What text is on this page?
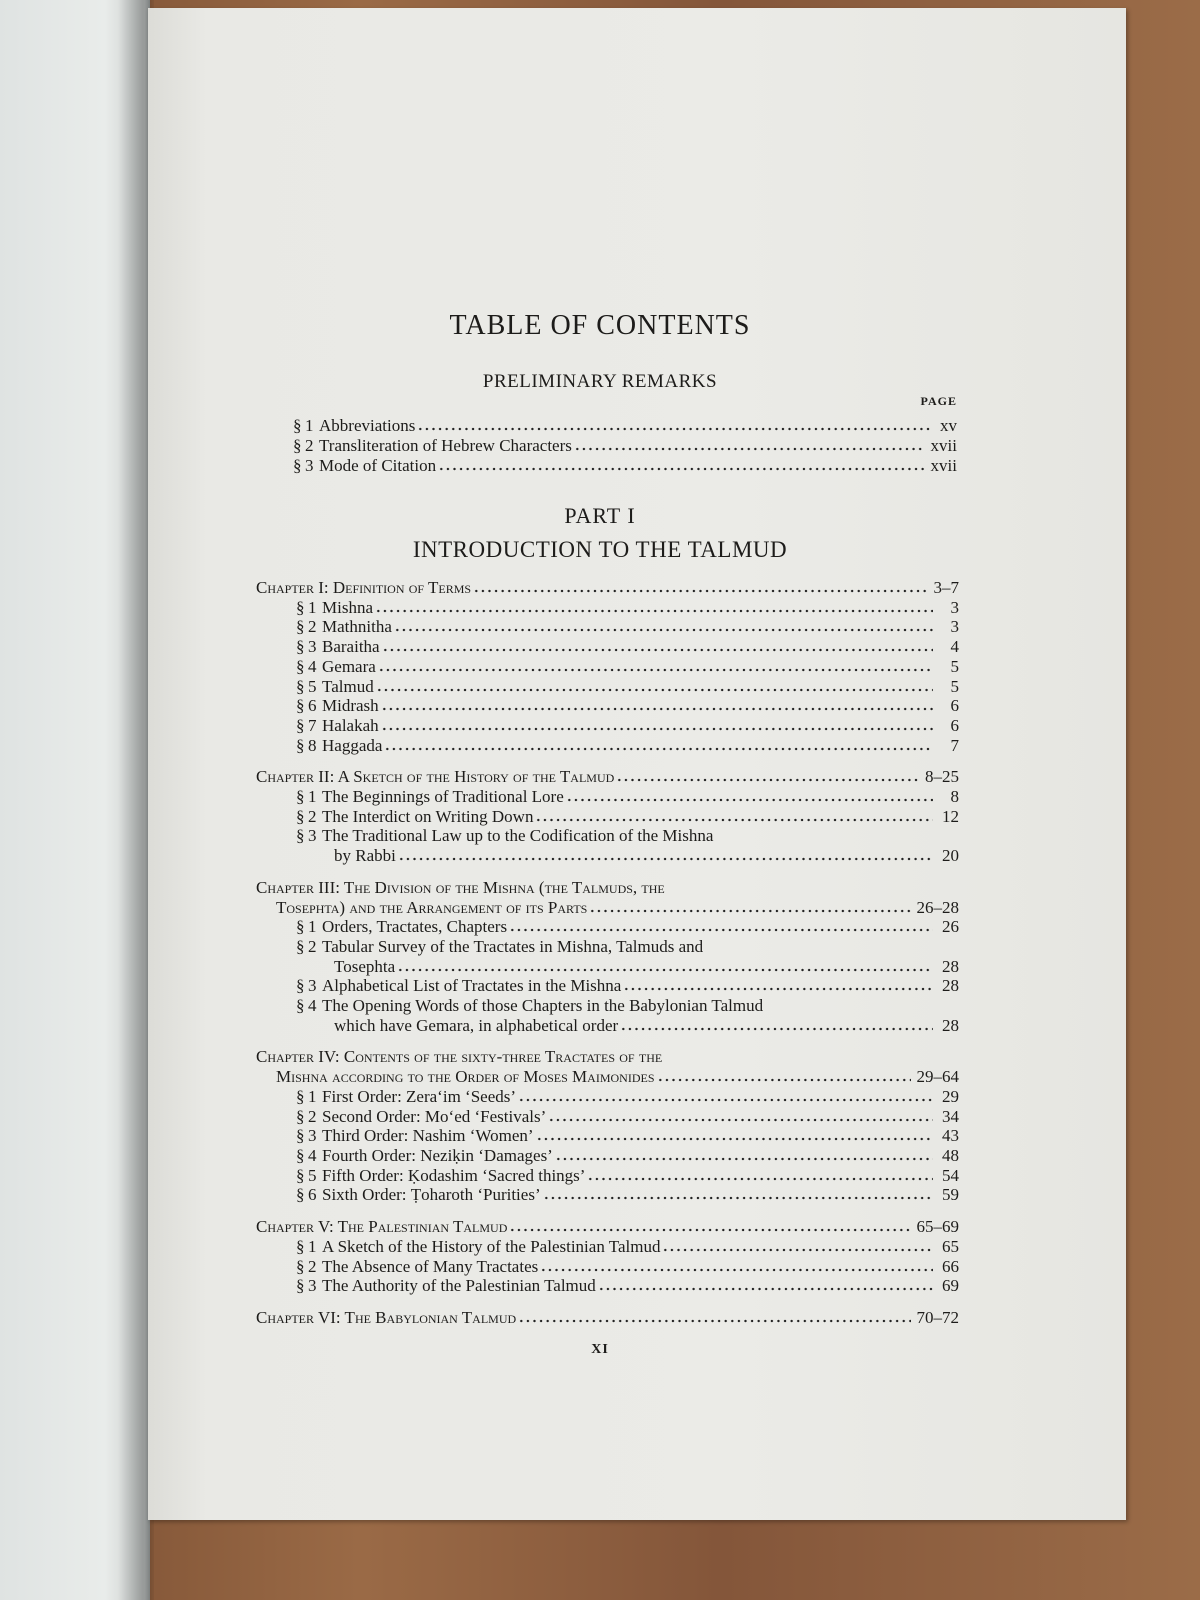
TABLE OF CONTENTS
PRELIMINARY REMARKS
PAGE
§ 1 Abbreviations	xv
§ 2 Transliteration of Hebrew Characters	xvii
§ 3 Mode of Citation	xvii
PART I
INTRODUCTION TO THE TALMUD
Chapter I: Definition of Terms	3–7
§ 1 Mishna	3
§ 2 Mathnitha	3
§ 3 Baraitha	4
§ 4 Gemara	5
§ 5 Talmud	5
§ 6 Midrash	6
§ 7 Halakah	6
§ 8 Haggada	7
Chapter II: A Sketch of the History of the Talmud	8–25
§ 1 The Beginnings of Traditional Lore	8
§ 2 The Interdict on Writing Down	12
§ 3 The Traditional Law up to the Codification of the Mishna
by Rabbi	20
Chapter III: The Division of the Mishna (the Talmuds, the
Tosephta) and the Arrangement of its Parts	26–28
§ 1 Orders, Tractates, Chapters	26
§ 2 Tabular Survey of the Tractates in Mishna, Talmuds and
Tosephta	28
§ 3 Alphabetical List of Tractates in the Mishna	28
§ 4 The Opening Words of those Chapters in the Babylonian Talmud
which have Gemara, in alphabetical order	28
Chapter IV: Contents of the sixty-three Tractates of the
Mishna according to the Order of Moses Maimonides	29–64
§ 1 First Order: Zera‘im ‘Seeds’	29
§ 2 Second Order: Mo‘ed ‘Festivals’	34
§ 3 Third Order: Nashim ‘Women’	43
§ 4 Fourth Order: Neziḳin ‘Damages’	48
§ 5 Fifth Order: Ḳodashim ‘Sacred things’	54
§ 6 Sixth Order: Ṭoharoth ‘Purities’	59
Chapter V: The Palestinian Talmud	65–69
§ 1 A Sketch of the History of the Palestinian Talmud	65
§ 2 The Absence of Many Tractates	66
§ 3 The Authority of the Palestinian Talmud	69
Chapter VI: The Babylonian Talmud	70–72
XI
